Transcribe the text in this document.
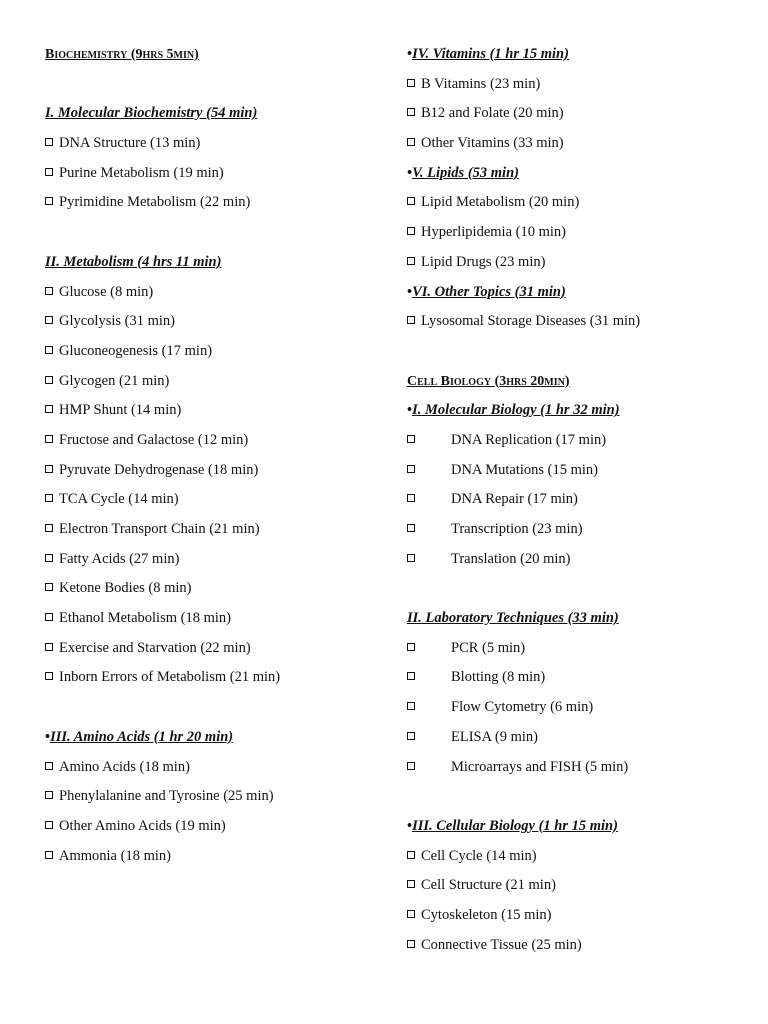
Biochemistry (9hrs 5min)
I. Molecular Biochemistry (54 min)
DNA Structure (13 min)
Purine Metabolism (19 min)
Pyrimidine Metabolism (22 min)
II. Metabolism (4 hrs 11 min)
Glucose (8 min)
Glycolysis (31 min)
Gluconeogenesis (17 min)
Glycogen (21 min)
HMP Shunt (14 min)
Fructose and Galactose (12 min)
Pyruvate Dehydrogenase (18 min)
TCA Cycle (14 min)
Electron Transport Chain (21 min)
Fatty Acids (27 min)
Ketone Bodies (8 min)
Ethanol Metabolism (18 min)
Exercise and Starvation (22 min)
Inborn Errors of Metabolism (21 min)
•III. Amino Acids (1 hr 20 min)
Amino Acids (18 min)
Phenylalanine and Tyrosine (25 min)
Other Amino Acids (19 min)
Ammonia (18 min)
•IV. Vitamins (1 hr 15 min)
B Vitamins (23 min)
B12 and Folate (20 min)
Other Vitamins (33 min)
•V. Lipids (53 min)
Lipid Metabolism (20 min)
Hyperlipidemia (10 min)
Lipid Drugs (23 min)
•VI. Other Topics (31 min)
Lysosomal Storage Diseases (31 min)
Cell Biology (3hrs 20min)
•I. Molecular Biology (1 hr 32 min)
DNA Replication (17 min)
DNA Mutations (15 min)
DNA Repair (17 min)
Transcription (23 min)
Translation (20 min)
II. Laboratory Techniques (33 min)
PCR (5 min)
Blotting (8 min)
Flow Cytometry (6 min)
ELISA (9 min)
Microarrays and FISH (5 min)
•III. Cellular Biology (1 hr 15 min)
Cell Cycle (14 min)
Cell Structure (21 min)
Cytoskeleton (15 min)
Connective Tissue (25 min)
